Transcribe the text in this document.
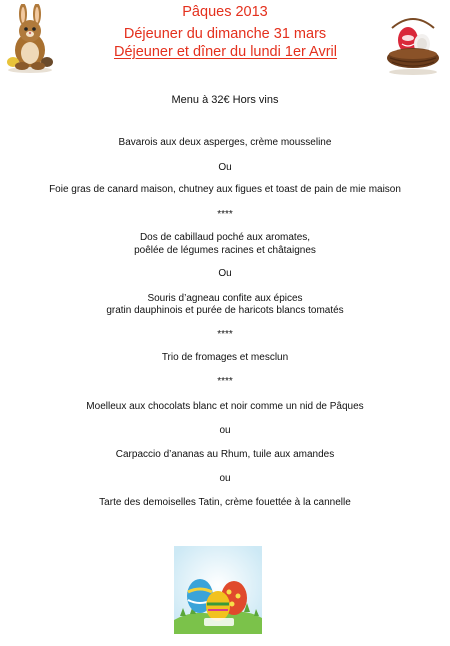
Pâques 2013
Déjeuner du dimanche 31 mars
Déjeuner et dîner du lundi 1er Avril
Menu à 32€ Hors vins
Bavarois aux deux asperges, crème mousseline
Ou
Foie gras de canard maison, chutney aux figues et toast de pain de mie maison
****
Dos de cabillaud poché aux aromates,
poêlée de légumes racines et châtaignes
Ou
Souris d’agneau confite aux épices
gratin dauphinois et purée de haricots blancs tomatés
****
Trio de fromages et mesclun
****
Moelleux aux chocolats blanc et noir comme un nid de Pâques
ou
Carpaccio d’ananas au Rhum, tuile aux amandes
ou
Tarte des demoiselles Tatin, crème fouettée à la cannelle
